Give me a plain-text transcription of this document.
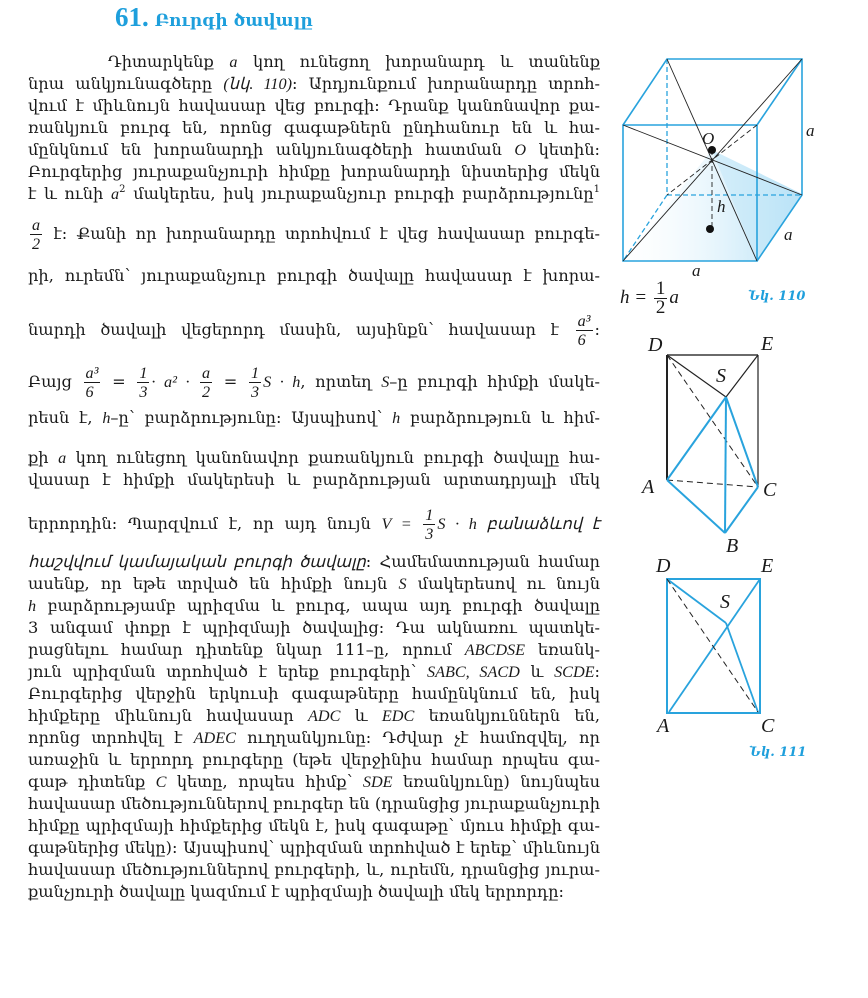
61. Բուրգի ծավալը
Դիտարկենք a կող ունեցող խորանարդ և տանենք
նրա անկյունագծերը (նկ. 110): Արդյունքում խորանարդը տրոհ-
վում է միևնույն հավասար վեց բուրգի: Դրանք կանոնավոր քա-
ռանկյուն բուրգ են, որոնց գագաթներն ընդհանուր են և հա-
մընկնում են խորանարդի անկյունագծերի հատման O կետին:
Բուրգերից յուրաքանչյուրի հիմքը խորանարդի նիստերից մեկն
է և ունի $a^2$ մակերես, իսկ յուրաքանչյուր բուրգի բարձրությունը$^1$
$\frac{a}{2}$ է: Քանի որ խորանարդը տրոհվում է վեց հավասար բուրգե-
րի, ուրեմն՝ յուրաքանչյուր բուրգի ծավալը հավասար է խորա-
նարդի ծավալի վեցերորդ մասին, այսինքն՝ հավասար է $\frac{\text{a³}}{6}$ :
Բայց $\frac{\text{a³}}{6} = \frac{1}{3} \cdot a^2 \cdot \frac{a}{2} = \frac{1}{3}$ S · h, որտեղ S–ը բուրգի հիմքի մակե-
րեսն է, h–ը՝ բարձրությունը: Այսպիսով՝ h բարձրություն և հիմ-
քի a կող ունեցող կանոնավոր քառանկյուն բուրգի ծավալը հա-
վասար է հիմքի մակերեսի և բարձրության արտադրյալի մեկ
երրորդին: Պարզվում է, որ այդ նույն $V = \frac{1}{3}$ S · h բանաձևով է
հաշվվում կամայական բուրգի ծավալը: Համեմատության համար
ասենք, որ եթե տրված են հիմքի նույն S մակերեսով ու նույն
h բարձրությամբ պրիզմա և բուրգ, ապա այդ բուրգի ծավալը
3 անգամ փոքր է պրիզմայի ծավալից: Դա ակնառու պատկե-
րացնելու համար դիտենք նկար 111–ը, որում ABCDSE եռանկ-
յուն պրիզման տրոհված է երեք բուրգերի՝ SABC, SACD և SCDE:
Բուրգերից վերջին երկուսի գագաթները համընկնում են, իսկ
հիմքերը միևնույն հավասար ADC և EDC եռանկյուններն են,
որոնց տրոհվել է ADEC ուղղանկյունը: Դժվար չէ համոզվել, որ
առաջին և երրորդ բուրգերը (եթե վերջինիս համար որպես գա-
գաթ դիտենք C կետը, որպես հիմք՝ SDE եռանկյունը) նույնպես
հավասար մեծություններով բուրգեր են (դրանցից յուրաքանչյուրի
հիմքը պրիզմայի հիմքերից մեկն է, իսկ գագաթը՝ մյուս հիմքի գա-
գաթներից մեկը): Այսպիսով՝ պրիզման տրոհված է երեք՝ միևնույն
հավասար մեծություններով բուրգերի, և, ուրեմն, դրանցից յուրա-
քանչյուրի ծավալը կազմում է պրիզմայի ծավալի մեկ երրորդը:
O
h
a
a
a
$h = \frac{1}{2}$ a	Նկ. 110
D	E
S
A	C
B
D	E
S
A	C
Նկ. 111
